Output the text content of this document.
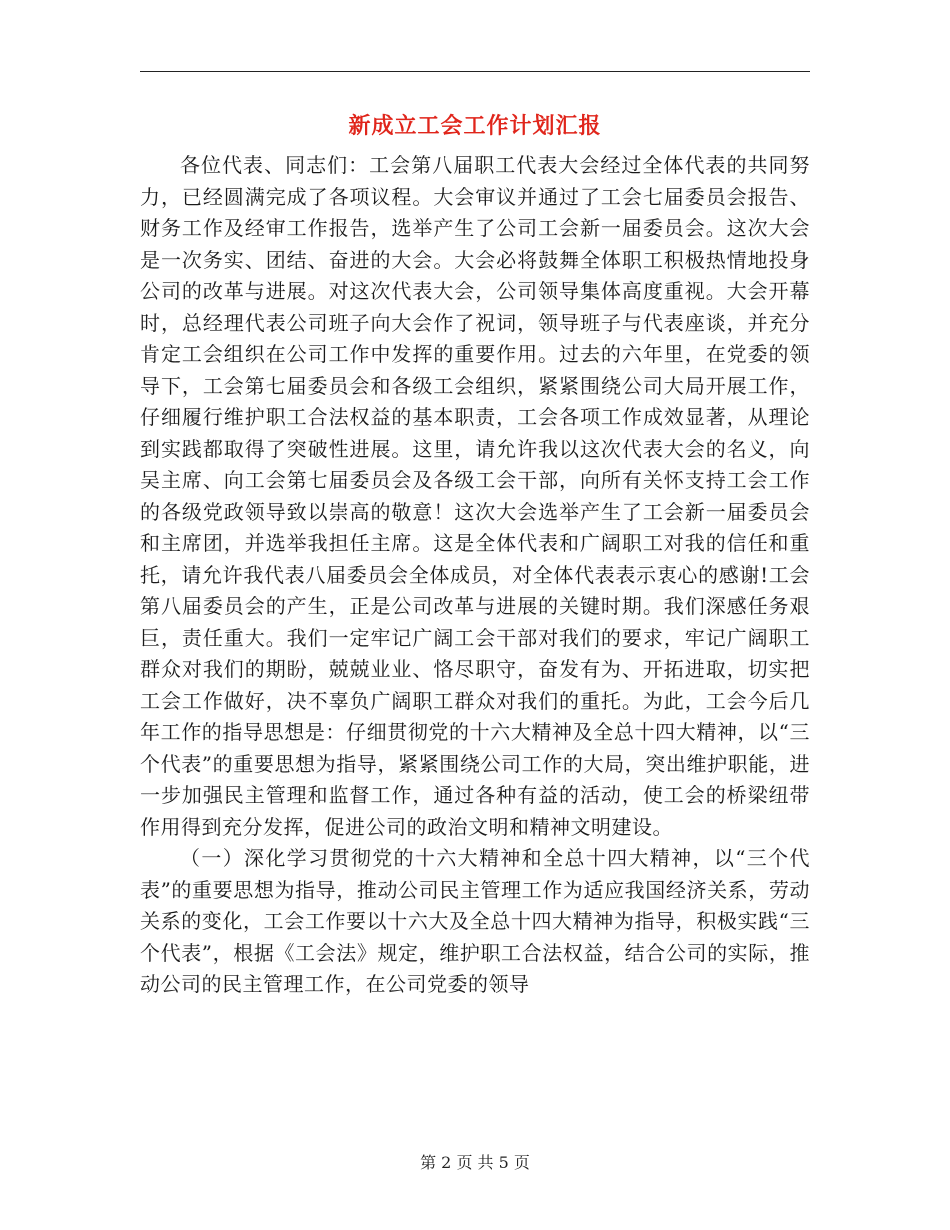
新成立工会工作计划汇报

各位代表、同志们：工会第八届职工代表大会经过全体代表的共同努力，已经圆满完成了各项议程。大会审议并通过了工会七届委员会报告、财务工作及经审工作报告，选举产生了公司工会新一届委员会。这次大会是一次务实、团结、奋进的大会。大会必将鼓舞全体职工积极热情地投身公司的改革与进展。对这次代表大会，公司领导集体高度重视。大会开幕时，总经理代表公司班子向大会作了祝词，领导班子与代表座谈，并充分肯定工会组织在公司工作中发挥的重要作用。过去的六年里，在党委的领导下，工会第七届委员会和各级工会组织，紧紧围绕公司大局开展工作，仔细履行维护职工合法权益的基本职责，工会各项工作成效显著，从理论到实践都取得了突破性进展。这里，请允许我以这次代表大会的名义，向吴主席、向工会第七届委员会及各级工会干部，向所有关怀支持工会工作的各级党政领导致以崇高的敬意！这次大会选举产生了工会新一届委员会和主席团，并选举我担任主席。这是全体代表和广阔职工对我的信任和重托，请允许我代表八届委员会全体成员，对全体代表表示衷心的感谢!工会第八届委员会的产生，正是公司改革与进展的关键时期。我们深感任务艰巨，责任重大。我们一定牢记广阔工会干部对我们的要求，牢记广阔职工群众对我们的期盼，兢兢业业、恪尽职守，奋发有为、开拓进取，切实把工会工作做好，决不辜负广阔职工群众对我们的重托。为此，工会今后几年工作的指导思想是：仔细贯彻党的十六大精神及全总十四大精神，以“三个代表”的重要思想为指导，紧紧围绕公司工作的大局，突出维护职能，进一步加强民主管理和监督工作，通过各种有益的活动，使工会的桥梁纽带作用得到充分发挥，促进公司的政治文明和精神文明建设。

（一）深化学习贯彻党的十六大精神和全总十四大精神，以“三个代表”的重要思想为指导，推动公司民主管理工作为适应我国经济关系，劳动关系的变化，工会工作要以十六大及全总十四大精神为指导，积极实践“三个代表”，根据《工会法》规定，维护职工合法权益，结合公司的实际，推动公司的民主管理工作，在公司党委的领导

第 2 页 共 5 页
